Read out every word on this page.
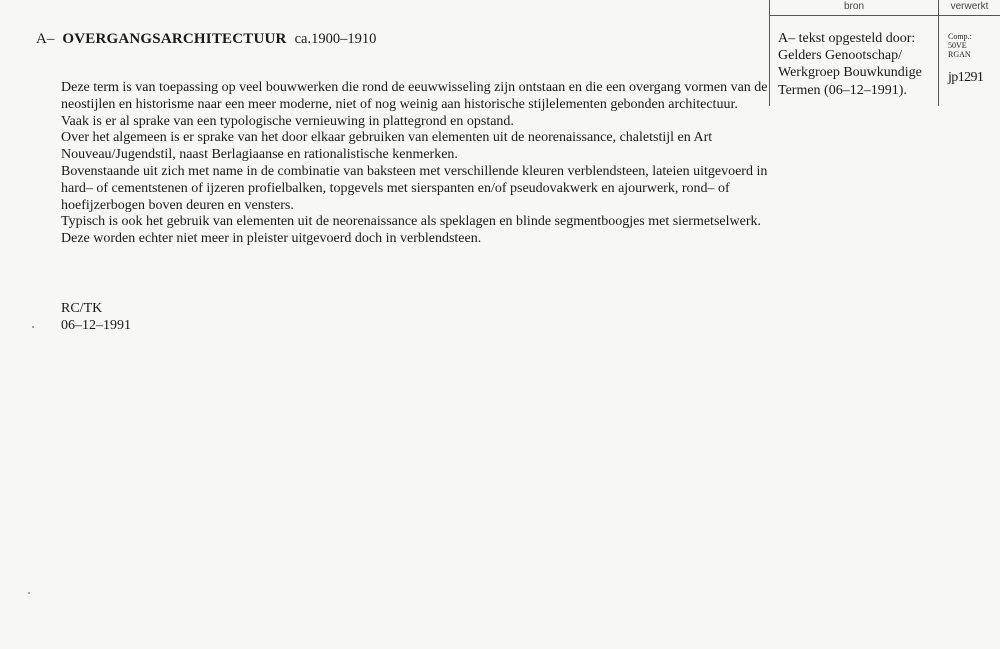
A– OVERGANGSARCHITECTUUR ca.1900–1910

Deze term is van toepassing op veel bouwwerken die rond de eeuwwisseling zijn ontstaan en die een overgang vormen van de neostijlen en historisme naar een meer moderne, niet of nog weinig aan historische stijlelementen gebonden architectuur.

Vaak is er al sprake van een typologische vernieuwing in plattegrond en opstand.

Over het algemeen is er sprake van het door elkaar gebruiken van elementen uit de neorenaissance, chaletstijl en Art Nouveau/Jugendstil, naast Berlagiaanse en rationalistische kenmerken.

Bovenstaande uit zich met name in de combinatie van baksteen met verschillende kleuren verblendsteen, lateien uitgevoerd in hard– of cementstenen of ijzeren profielbalken, topgevels met sierspanten en/of pseudovakwerk en ajourwerk, rond– of hoefijzerbogen boven deuren en vensters.

Typisch is ook het gebruik van elementen uit de neorenaissance als speklagen en blinde segmentboogjes met siermetselwerk. Deze worden echter niet meer in pleister uitgevoerd doch in verblendsteen.

RC/TK
06–12–1991
bron	verwerkt
A– tekst opgesteld door:
Gelders Genootschap/
Werkgroep Bouwkundige
Termen (06–12–1991).
Comp.:
50VE
RGAN
jp1291
